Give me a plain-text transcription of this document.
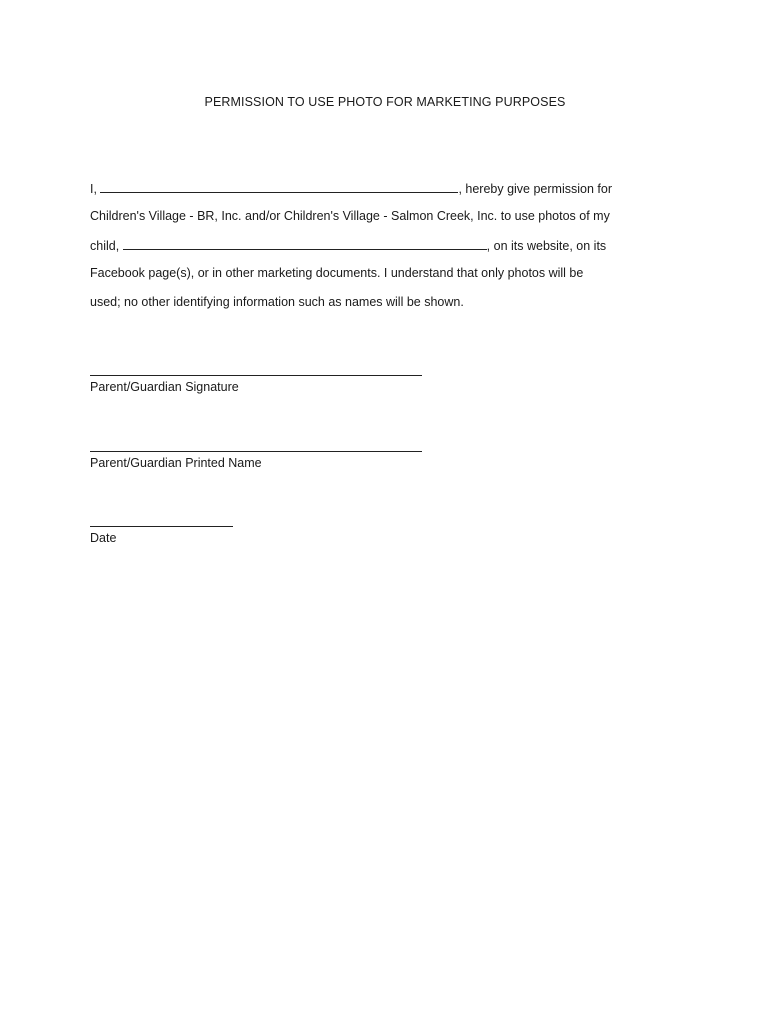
PERMISSION TO USE PHOTO FOR MARKETING PURPOSES
I,	, hereby give permission for
Children's Village - BR, Inc. and/or Children's Village - Salmon Creek, Inc. to use photos of my
child,	, on its website, on its
Facebook page(s), or in other marketing documents. I understand that only photos will be
used; no other identifying information such as names will be shown.
Parent/Guardian Signature
Parent/Guardian Printed Name
Date
